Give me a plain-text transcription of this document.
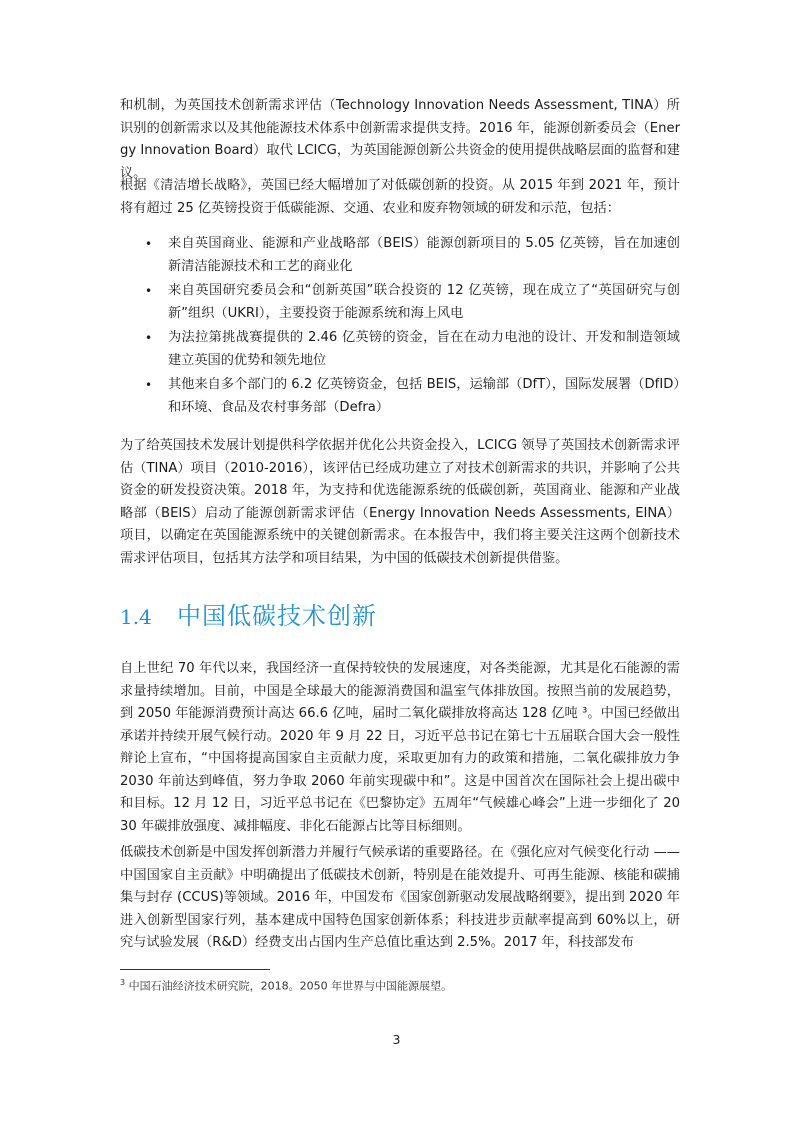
和机制，为英国技术创新需求评估（Technology Innovation Needs Assessment, TINA）所识别的创新需求以及其他能源技术体系中创新需求提供支持。2016 年，能源创新委员会（Energy Innovation Board）取代 LCICG，为英国能源创新公共资金的使用提供战略层面的监督和建议。

根据《清洁增长战略》，英国已经大幅增加了对低碳创新的投资。从 2015 年到 2021 年，预计将有超过 25 亿英镑投资于低碳能源、交通、农业和废弃物领域的研发和示范，包括：

• 来自英国商业、能源和产业战略部（BEIS）能源创新项目的 5.05 亿英镑，旨在加速创新清洁能源技术和工艺的商业化
• 来自英国研究委员会和“创新英国”联合投资的 12 亿英镑，现在成立了“英国研究与创新”组织（UKRI），主要投资于能源系统和海上风电
• 为法拉第挑战赛提供的 2.46 亿英镑的资金，旨在在动力电池的设计、开发和制造领域建立英国的优势和领先地位
• 其他来自多个部门的 6.2 亿英镑资金，包括 BEIS，运输部（DfT），国际发展署（DfID）和环境、食品及农村事务部（Defra）

为了给英国技术发展计划提供科学依据并优化公共资金投入，LCICG 领导了英国技术创新需求评估（TINA）项目（2010-2016），该评估已经成功建立了对技术创新需求的共识，并影响了公共资金的研发投资决策。2018 年，为支持和优选能源系统的低碳创新，英国商业、能源和产业战略部（BEIS）启动了能源创新需求评估（Energy Innovation Needs Assessments, EINA）项目，以确定在英国能源系统中的关键创新需求。在本报告中，我们将主要关注这两个创新技术需求评估项目，包括其方法学和项目结果，为中国的低碳技术创新提供借鉴。

1.4	中国低碳技术创新

自上世纪 70 年代以来，我国经济一直保持较快的发展速度，对各类能源，尤其是化石能源的需求量持续增加。目前，中国是全球最大的能源消费国和温室气体排放国。按照当前的发展趋势，到 2050 年能源消费预计高达 66.6 亿吨，届时二氧化碳排放将高达 128 亿吨 ³。中国已经做出承诺并持续开展气候行动。2020 年 9 月 22 日，习近平总书记在第七十五届联合国大会一般性辩论上宣布，“中国将提高国家自主贡献力度，采取更加有力的政策和措施，二氧化碳排放力争 2030 年前达到峰值，努力争取 2060 年前实现碳中和”。这是中国首次在国际社会上提出碳中和目标。12 月 12 日，习近平总书记在《巴黎协定》五周年“气候雄心峰会”上进一步细化了 2030 年碳排放强度、减排幅度、非化石能源占比等目标细则。

低碳技术创新是中国发挥创新潜力并履行气候承诺的重要路径。在《强化应对气候变化行动 ——中国国家自主贡献》中明确提出了低碳技术创新，特别是在能效提升、可再生能源、核能和碳捕集与封存 (CCUS)等领域。2016 年，中国发布《国家创新驱动发展战略纲要》，提出到 2020 年进入创新型国家行列，基本建成中国特色国家创新体系；科技进步贡献率提高到 60%以上，研究与试验发展（R&D）经费支出占国内生产总值比重达到 2.5%。2017 年，科技部发布

$^3$ 中国石油经济技术研究院，2018。2050 年世界与中国能源展望。
3
